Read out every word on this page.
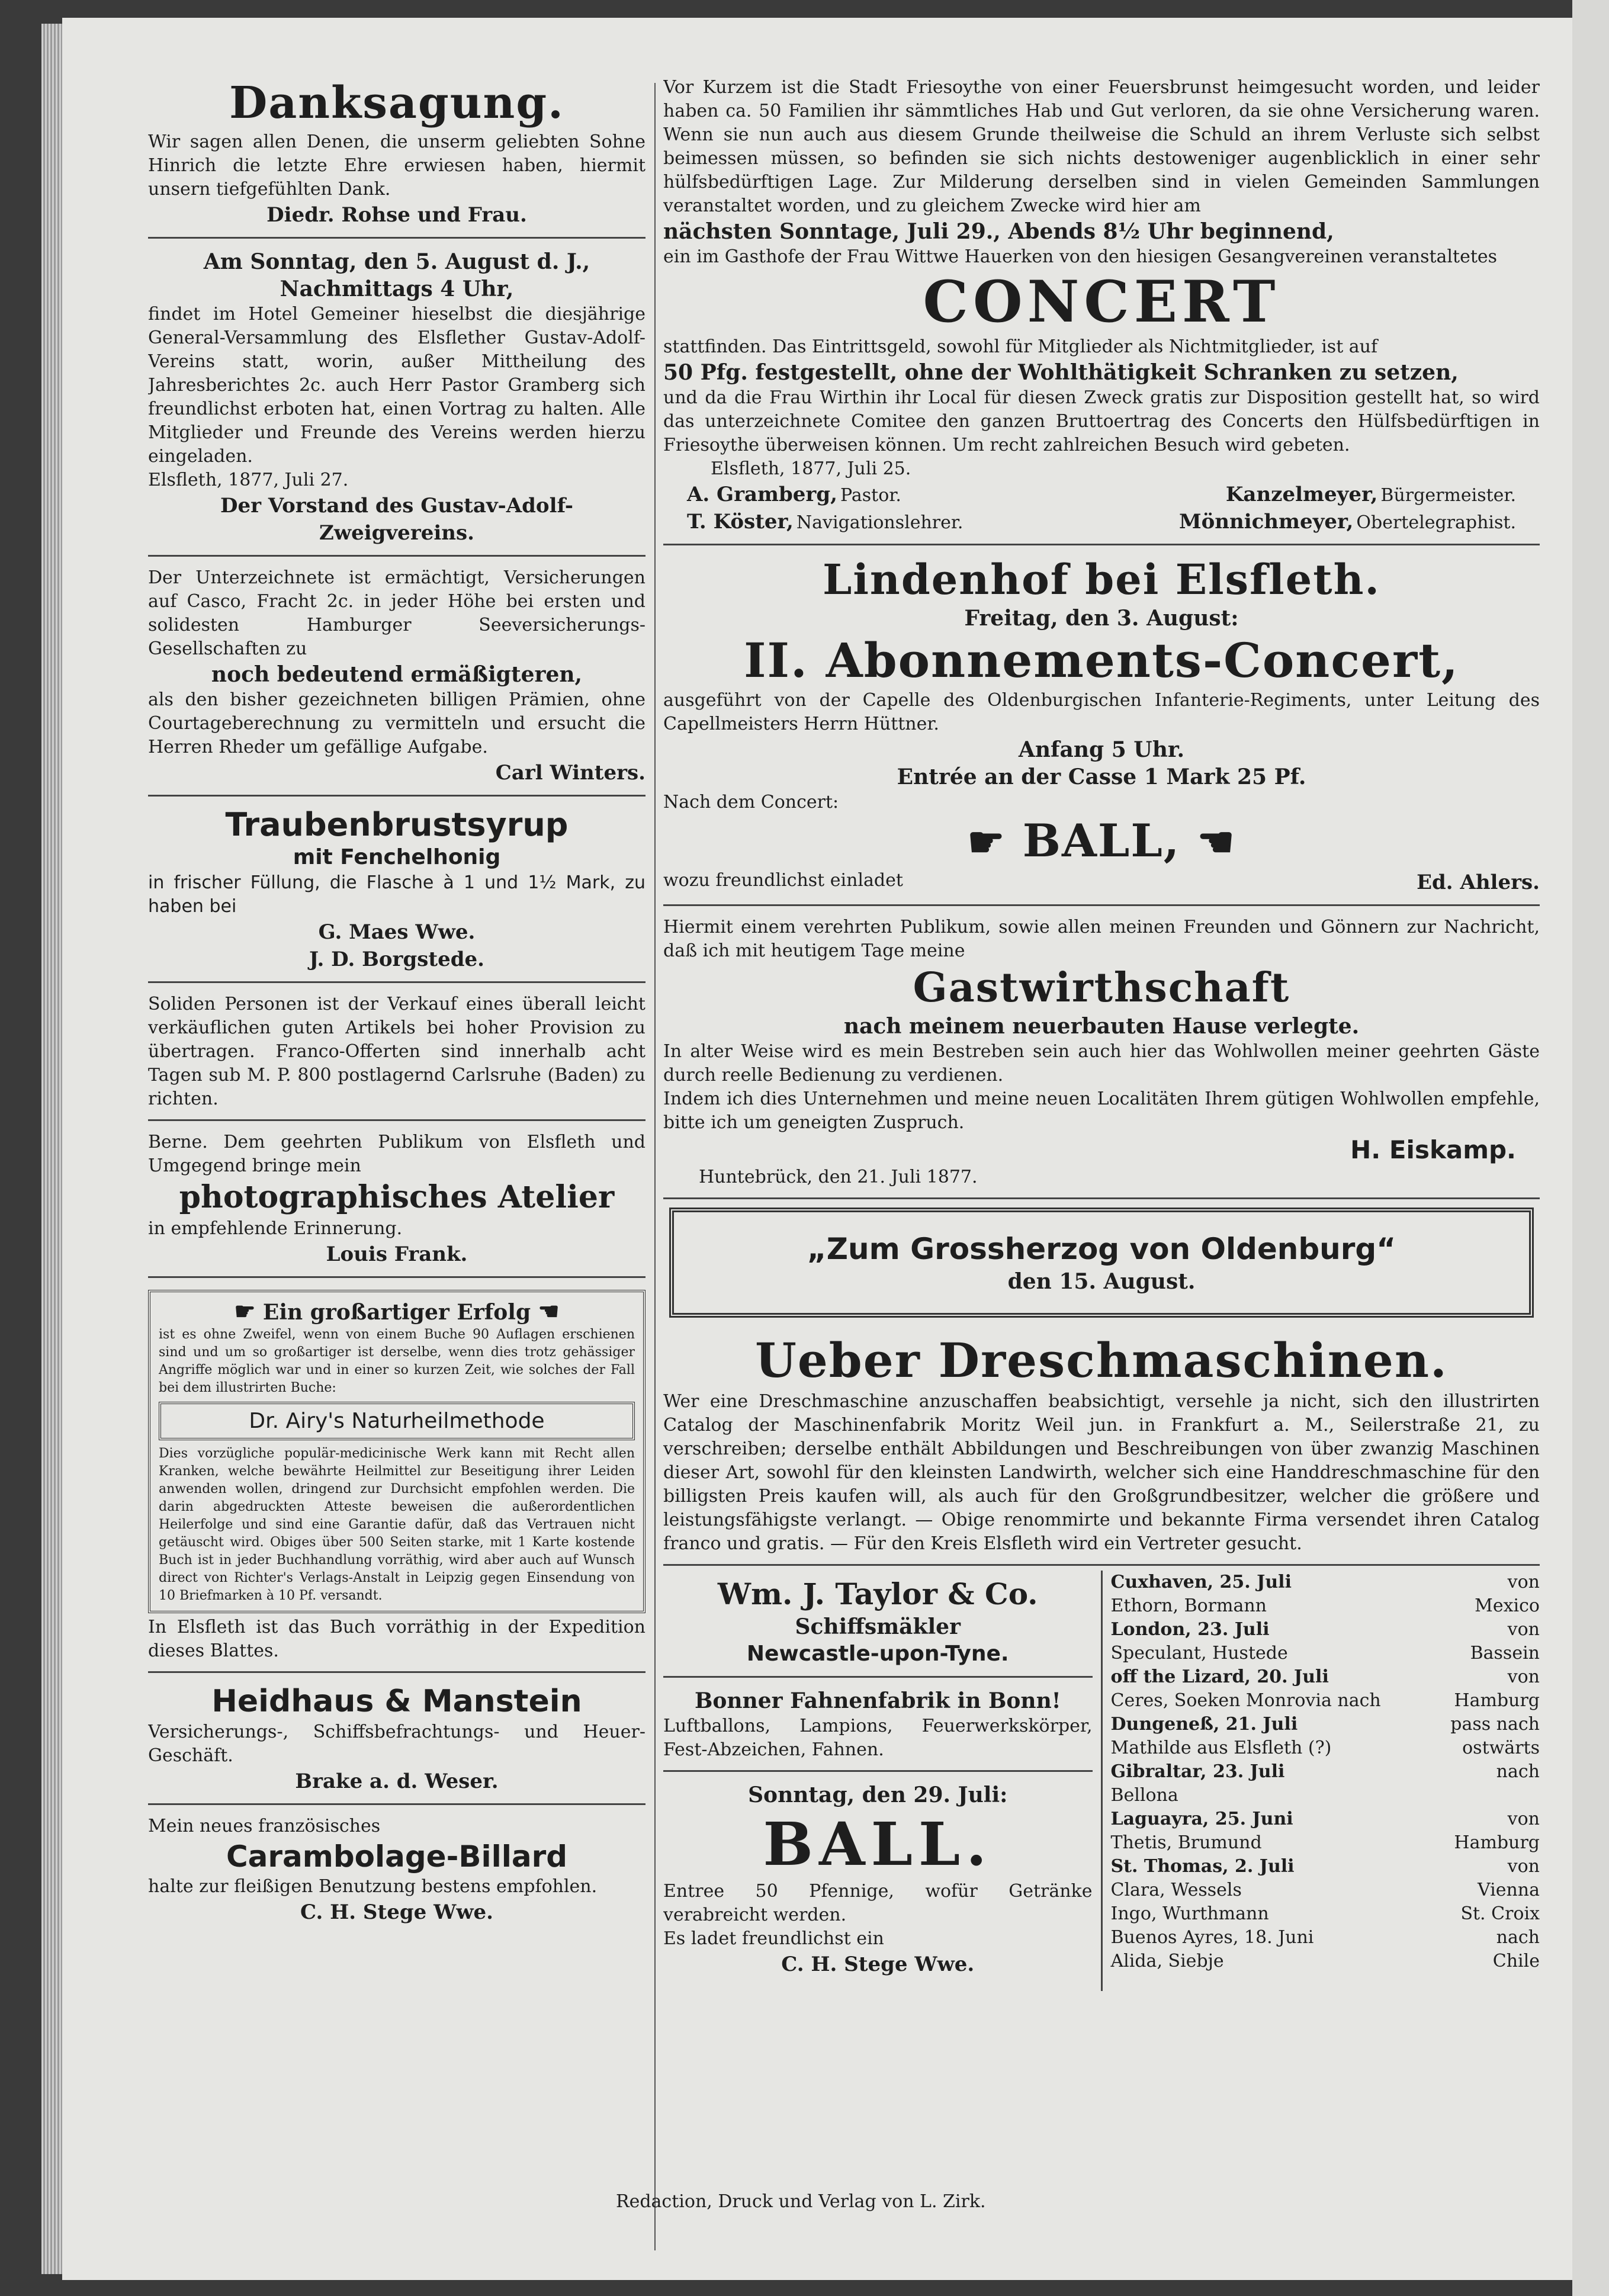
Danksagung.

Wir sagen allen Denen, die unserm geliebten Sohne Hinrich die letzte Ehre erwiesen haben, hiermit unsern tiefgefühlten Dank.

Diedr. Rohse und Frau.

Am Sonntag, den 5. August d. J.,

Nachmittags 4 Uhr,

findet im Hotel Gemeiner hieselbst die diesjährige General-Versammlung des Elsflether Gustav-Adolf-Vereins statt, worin, außer Mittheilung des Jahresberichtes 2c. auch Herr Pastor Gramberg sich freundlichst erboten hat, einen Vortrag zu halten. Alle Mitglieder und Freunde des Vereins werden hierzu eingeladen.

Elsfleth, 1877, Juli 27.

Der Vorstand des Gustav-Adolf-Zweigvereins.

Der Unterzeichnete ist ermächtigt, Versicherungen auf Casco, Fracht 2c. in jeder Höhe bei ersten und solidesten Hamburger Seeversicherungs-Gesellschaften zu

noch bedeutend ermäßigteren,

als den bisher gezeichneten billigen Prämien, ohne Courtageberechnung zu vermitteln und ersucht die Herren Rheder um gefällige Aufgabe.

Carl Winters.

Traubenbrustsyrup

mit Fenchelhonig

in frischer Füllung, die Flasche à 1 und 1½ Mark, zu haben bei

G. Maes Wwe.

J. D. Borgstede.

Soliden Personen ist der Verkauf eines überall leicht verkäuflichen guten Artikels bei hoher Provision zu übertragen. Franco-Offerten sind innerhalb acht Tagen sub M. P. 800 postlagernd Carlsruhe (Baden) zu richten.

Berne. Dem geehrten Publikum von Elsfleth und Umgegend bringe mein

photographisches Atelier

in empfehlende Erinnerung.

Louis Frank.

☛ Ein großartiger Erfolg ☚

ist es ohne Zweifel, wenn von einem Buche 90 Auflagen erschienen sind und um so großartiger ist derselbe, wenn dies trotz gehässiger Angriffe möglich war und in einer so kurzen Zeit, wie solches der Fall bei dem illustrirten Buche:

Dr. Airy's Naturheilmethode

Dies vorzügliche populär-medicinische Werk kann mit Recht allen Kranken, welche bewährte Heilmittel zur Beseitigung ihrer Leiden anwenden wollen, dringend zur Durchsicht empfohlen werden. Die darin abgedruckten Atteste beweisen die außerordentlichen Heilerfolge und sind eine Garantie dafür, daß das Vertrauen nicht getäuscht wird. Obiges über 500 Seiten starke, mit 1 Karte kostende Buch ist in jeder Buchhandlung vorräthig, wird aber auch auf Wunsch direct von Richter's Verlags-Anstalt in Leipzig gegen Einsendung von 10 Briefmarken à 10 Pf. versandt.

In Elsfleth ist das Buch vorräthig in der Expedition dieses Blattes.

Heidhaus & Manstein

Versicherungs-, Schiffsbefrachtungs- und Heuer-Geschäft.

Brake a. d. Weser.

Mein neues französisches

Carambolage-Billard

halte zur fleißigen Benutzung bestens empfohlen.

C. H. Stege Wwe.

Vor Kurzem ist die Stadt Friesoythe von einer Feuersbrunst heimgesucht worden, und leider haben ca. 50 Familien ihr sämmtliches Hab und Gut verloren, da sie ohne Versicherung waren. Wenn sie nun auch aus diesem Grunde theilweise die Schuld an ihrem Verluste sich selbst beimessen müssen, so befinden sie sich nichts destoweniger augenblicklich in einer sehr hülfsbedürftigen Lage. Zur Milderung derselben sind in vielen Gemeinden Sammlungen veranstaltet worden, und zu gleichem Zwecke wird hier am

nächsten Sonntage, Juli 29., Abends 8½ Uhr beginnend,

ein im Gasthofe der Frau Wittwe Hauerken von den hiesigen Gesangvereinen veranstaltetes

CONCERT

stattfinden. Das Eintrittsgeld, sowohl für Mitglieder als Nichtmitglieder, ist auf

50 Pfg. festgestellt, ohne der Wohlthätigkeit Schranken zu setzen,

und da die Frau Wirthin ihr Local für diesen Zweck gratis zur Disposition gestellt hat, so wird das unterzeichnete Comitee den ganzen Bruttoertrag des Concerts den Hülfsbedürftigen in Friesoythe überweisen können. Um recht zahlreichen Besuch wird gebeten.

Elsfleth, 1877, Juli 25.

A. Gramberg, Pastor.	Kanzelmeyer, Bürgermeister.
T. Köster, Navigationslehrer.	Mönnichmeyer, Obertelegraphist.

Lindenhof bei Elsfleth.

Freitag, den 3. August:

II. Abonnements-Concert,

ausgeführt von der Capelle des Oldenburgischen Infanterie-Regiments, unter Leitung des Capellmeisters Herrn Hüttner.

Anfang 5 Uhr.

Entrée an der Casse 1 Mark 25 Pf.

Nach dem Concert:

☛ BALL, ☚

wozu freundlichst einladet	Ed. Ahlers.

Hiermit einem verehrten Publikum, sowie allen meinen Freunden und Gönnern zur Nachricht, daß ich mit heutigem Tage meine

Gastwirthschaft

nach meinem neuerbauten Hause verlegte.

In alter Weise wird es mein Bestreben sein auch hier das Wohlwollen meiner geehrten Gäste durch reelle Bedienung zu verdienen.

Indem ich dies Unternehmen und meine neuen Localitäten Ihrem gütigen Wohlwollen empfehle, bitte ich um geneigten Zuspruch.

H. Eiskamp.

Huntebrück, den 21. Juli 1877.

„Zum Grossherzog von Oldenburg“

den 15. August.

Ueber Dreschmaschinen.

Wer eine Dreschmaschine anzuschaffen beabsichtigt, versehle ja nicht, sich den illustrirten Catalog der Maschinenfabrik Moritz Weil jun. in Frankfurt a. M., Seilerstraße 21, zu verschreiben; derselbe enthält Abbildungen und Beschreibungen von über zwanzig Maschinen dieser Art, sowohl für den kleinsten Landwirth, welcher sich eine Handdreschmaschine für den billigsten Preis kaufen will, als auch für den Großgrundbesitzer, welcher die größere und leistungsfähigste verlangt. — Obige renommirte und bekannte Firma versendet ihren Catalog franco und gratis. — Für den Kreis Elsfleth wird ein Vertreter gesucht.

Wm. J. Taylor & Co.

Schiffsmäkler

Newcastle-upon-Tyne.

Bonner Fahnenfabrik in Bonn!

Luftballons, Lampions, Feuerwerkskörper, Fest-Abzeichen, Fahnen.

Sonntag, den 29. Juli:

BALL.

Entree 50 Pfennige, wofür Getränke verabreicht werden.

Es ladet freundlichst ein

C. H. Stege Wwe.

Cuxhaven, 25. Juli	von
Ethorn, Bormann	Mexico
London, 23. Juli	von
Speculant, Hustede	Bassein
off the Lizard, 20. Juli	von
Ceres, Soeken Monrovia nach	Hamburg
Dungeneß, 21. Juli	pass nach
Mathilde aus Elsfleth (?)	ostwärts
Gibraltar, 23. Juli	nach
Bellona
Laguayra, 25. Juni	von
Thetis, Brumund	Hamburg
St. Thomas, 2. Juli	von
Clara, Wessels	Vienna
Ingo, Wurthmann	St. Croix
Buenos Ayres, 18. Juni	nach
Alida, Siebje	Chile
Redaction, Druck und Verlag von L. Zirk.
